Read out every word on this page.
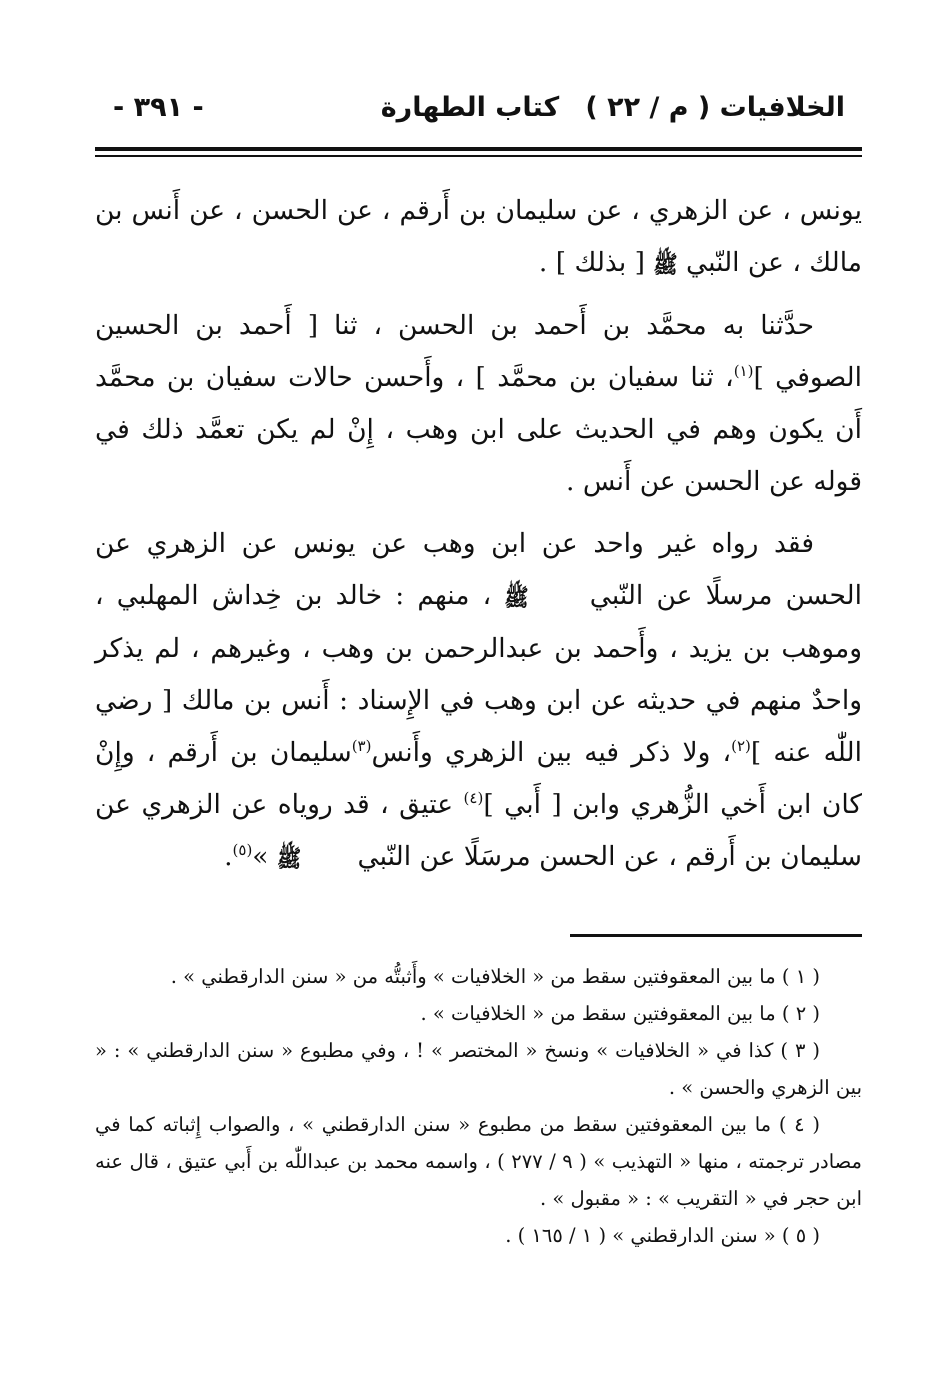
الخلافيات ( م / ٢٢ )
كتاب الطهارة
- ٣٩١ -

يونس ، عن الزهري ، عن سليمان بن أَرقم ، عن الحسن ، عن أَنس بن مالك ، عن النّبي ﷺ [ بذلك ] .

حدَّثنا به محمَّد بن أَحمد بن الحسن ، ثنا [ أَحمد بن الحسين الصوفي ]$^{(١)}$، ثنا سفيان بن محمَّد ] ، وأَحسن حالات سفيان بن محمَّد أَن يكون وهم في الحديث على ابن وهب ، إِنْ لم يكن تعمَّد ذلك في قوله عن الحسن عن أَنس .

فقد رواه غير واحد عن ابن وهب عن يونس عن الزهري عن الحسن مرسلًا عن النّبي ﷺ ، منهم : خالد بن خِداش المهلبي ، وموهب بن يزيد ، وأَحمد بن عبدالرحمن بن وهب ، وغيرهم ، لم يذكر واحدٌ منهم في حديثه عن ابن وهب في الإِسناد : أَنس بن مالك [ رضي اللّٰه عنه ]$^{(٢)}$، ولا ذكر فيه بين الزهري وأَنس$^{(٣)}$سليمان بن أَرقم ، وإِنْ كان ابن أَخي الزُّهري وابن [ أَبي ]$^{(٤)}$ عتيق ، قد روياه عن الزهري عن سليمان بن أَرقم ، عن الحسن مرسَلًا عن النّبي ﷺ »$^{(٥)}$.

( ١ ) ما بين المعقوفتين سقط من « الخلافيات » وأَثبتُّه من « سنن الدارقطني » .

( ٢ ) ما بين المعقوفتين سقط من « الخلافيات » .

( ٣ ) كذا في « الخلافيات » ونسخ « المختصر » ! ، وفي مطبوع « سنن الدارقطني » : « بين الزهري والحسن » .

( ٤ ) ما بين المعقوفتين سقط من مطبوع « سنن الدارقطني » ، والصواب إِثباته كما في مصادر ترجمته ، منها « التهذيب » ( ٩ / ٢٧٧ ) ، واسمه محمد بن عبداللّٰه بن أَبي عتيق ، قال عنه ابن حجر في « التقريب » : « مقبول » .

( ٥ ) « سنن الدارقطني » ( ١ / ١٦٥ ) .
